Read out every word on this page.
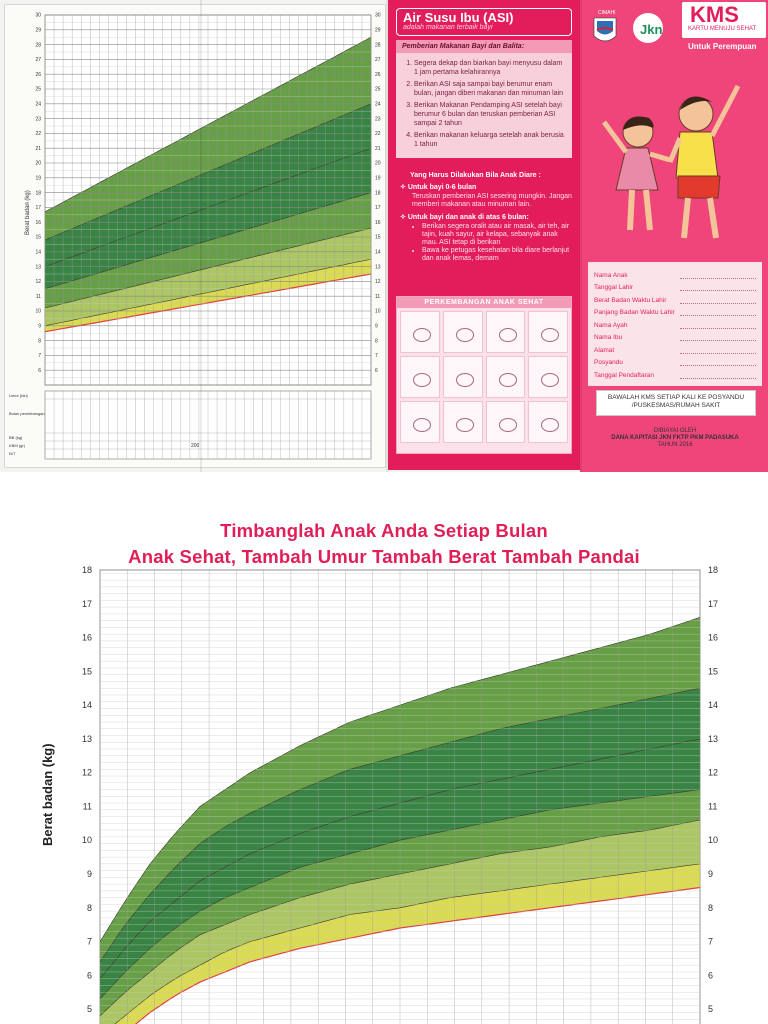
6	6
7	7
8	8
9	9
10	10
11	11
12	12
13	13
14	14
15	15
16	16
17	17
18	18
19	19
20	20
21	21
22	22
23	23
24	24
25	25
26	26
27	27
28	28
29	29
30	30
Berat badan (kg)
Umur (bln)
Bulan penimbangan
BB (kg)
KBM (gr)
N/T
200
Air Susu Ibu (ASI)
adalah makanan terbaik bayi
Pemberian Makanan Bayi dan Balita:
1. Segera dekap dan biarkan bayi menyusu dalam 1 jam pertama kelahirannya
2. Berikan ASI saja sampai bayi berumur enam bulan, jangan diberi makanan dan minuman lain
3. Berikan Makanan Pendamping ASI setelah bayi berumur 6 bulan dan teruskan pemberian ASI sampai 2 tahun
4. Berikan makanan keluarga setelah anak berusia 1 tahun
Yang Harus Dilakukan Bila Anak Diare :
✧ Untuk bayi 0-6 bulan
Teruskan pemberian ASI sesering mungkin. Jangan memberi makanan atau minuman lain.
✧ Untuk bayi dan anak di atas 6 bulan:
• Berikan segera oralit atau air masak, air teh, air tajin, kuah sayur, air kelapa, sebanyak anak mau. ASI tetap di berikan
• Bawa ke petugas kesehatan bila diare berlanjut dan anak lemas, demam
PERKEMBANGAN ANAK SEHAT
CIMAHI
Jkn
KMS
KARTU MENUJU SEHAT
Untuk Perempuan
Nama Anak
Tanggal Lahir
Berat Badan Waktu Lahir
Panjang Badan Waktu Lahir
Nama Ayah
Nama Ibu
Alamat
Posyandu
Tanggal Pendaftaran
BAWALAH KMS SETIAP KALI KE POSYANDU /PUSKESMAS/RUMAH SAKIT
DIBIAYAI OLEH
DANA KAPITASI JKN FKTP PKM PADASUKA
TAHUN 2016
Timbanglah Anak Anda Setiap Bulan
Anak Sehat, Tambah Umur Tambah Berat Tambah Pandai
5	5
6	6
7	7
8	8
9	9
10	10
11	11
12	12
13	13
14	14
15	15
16	16
17	17
18	18
Berat badan (kg)
